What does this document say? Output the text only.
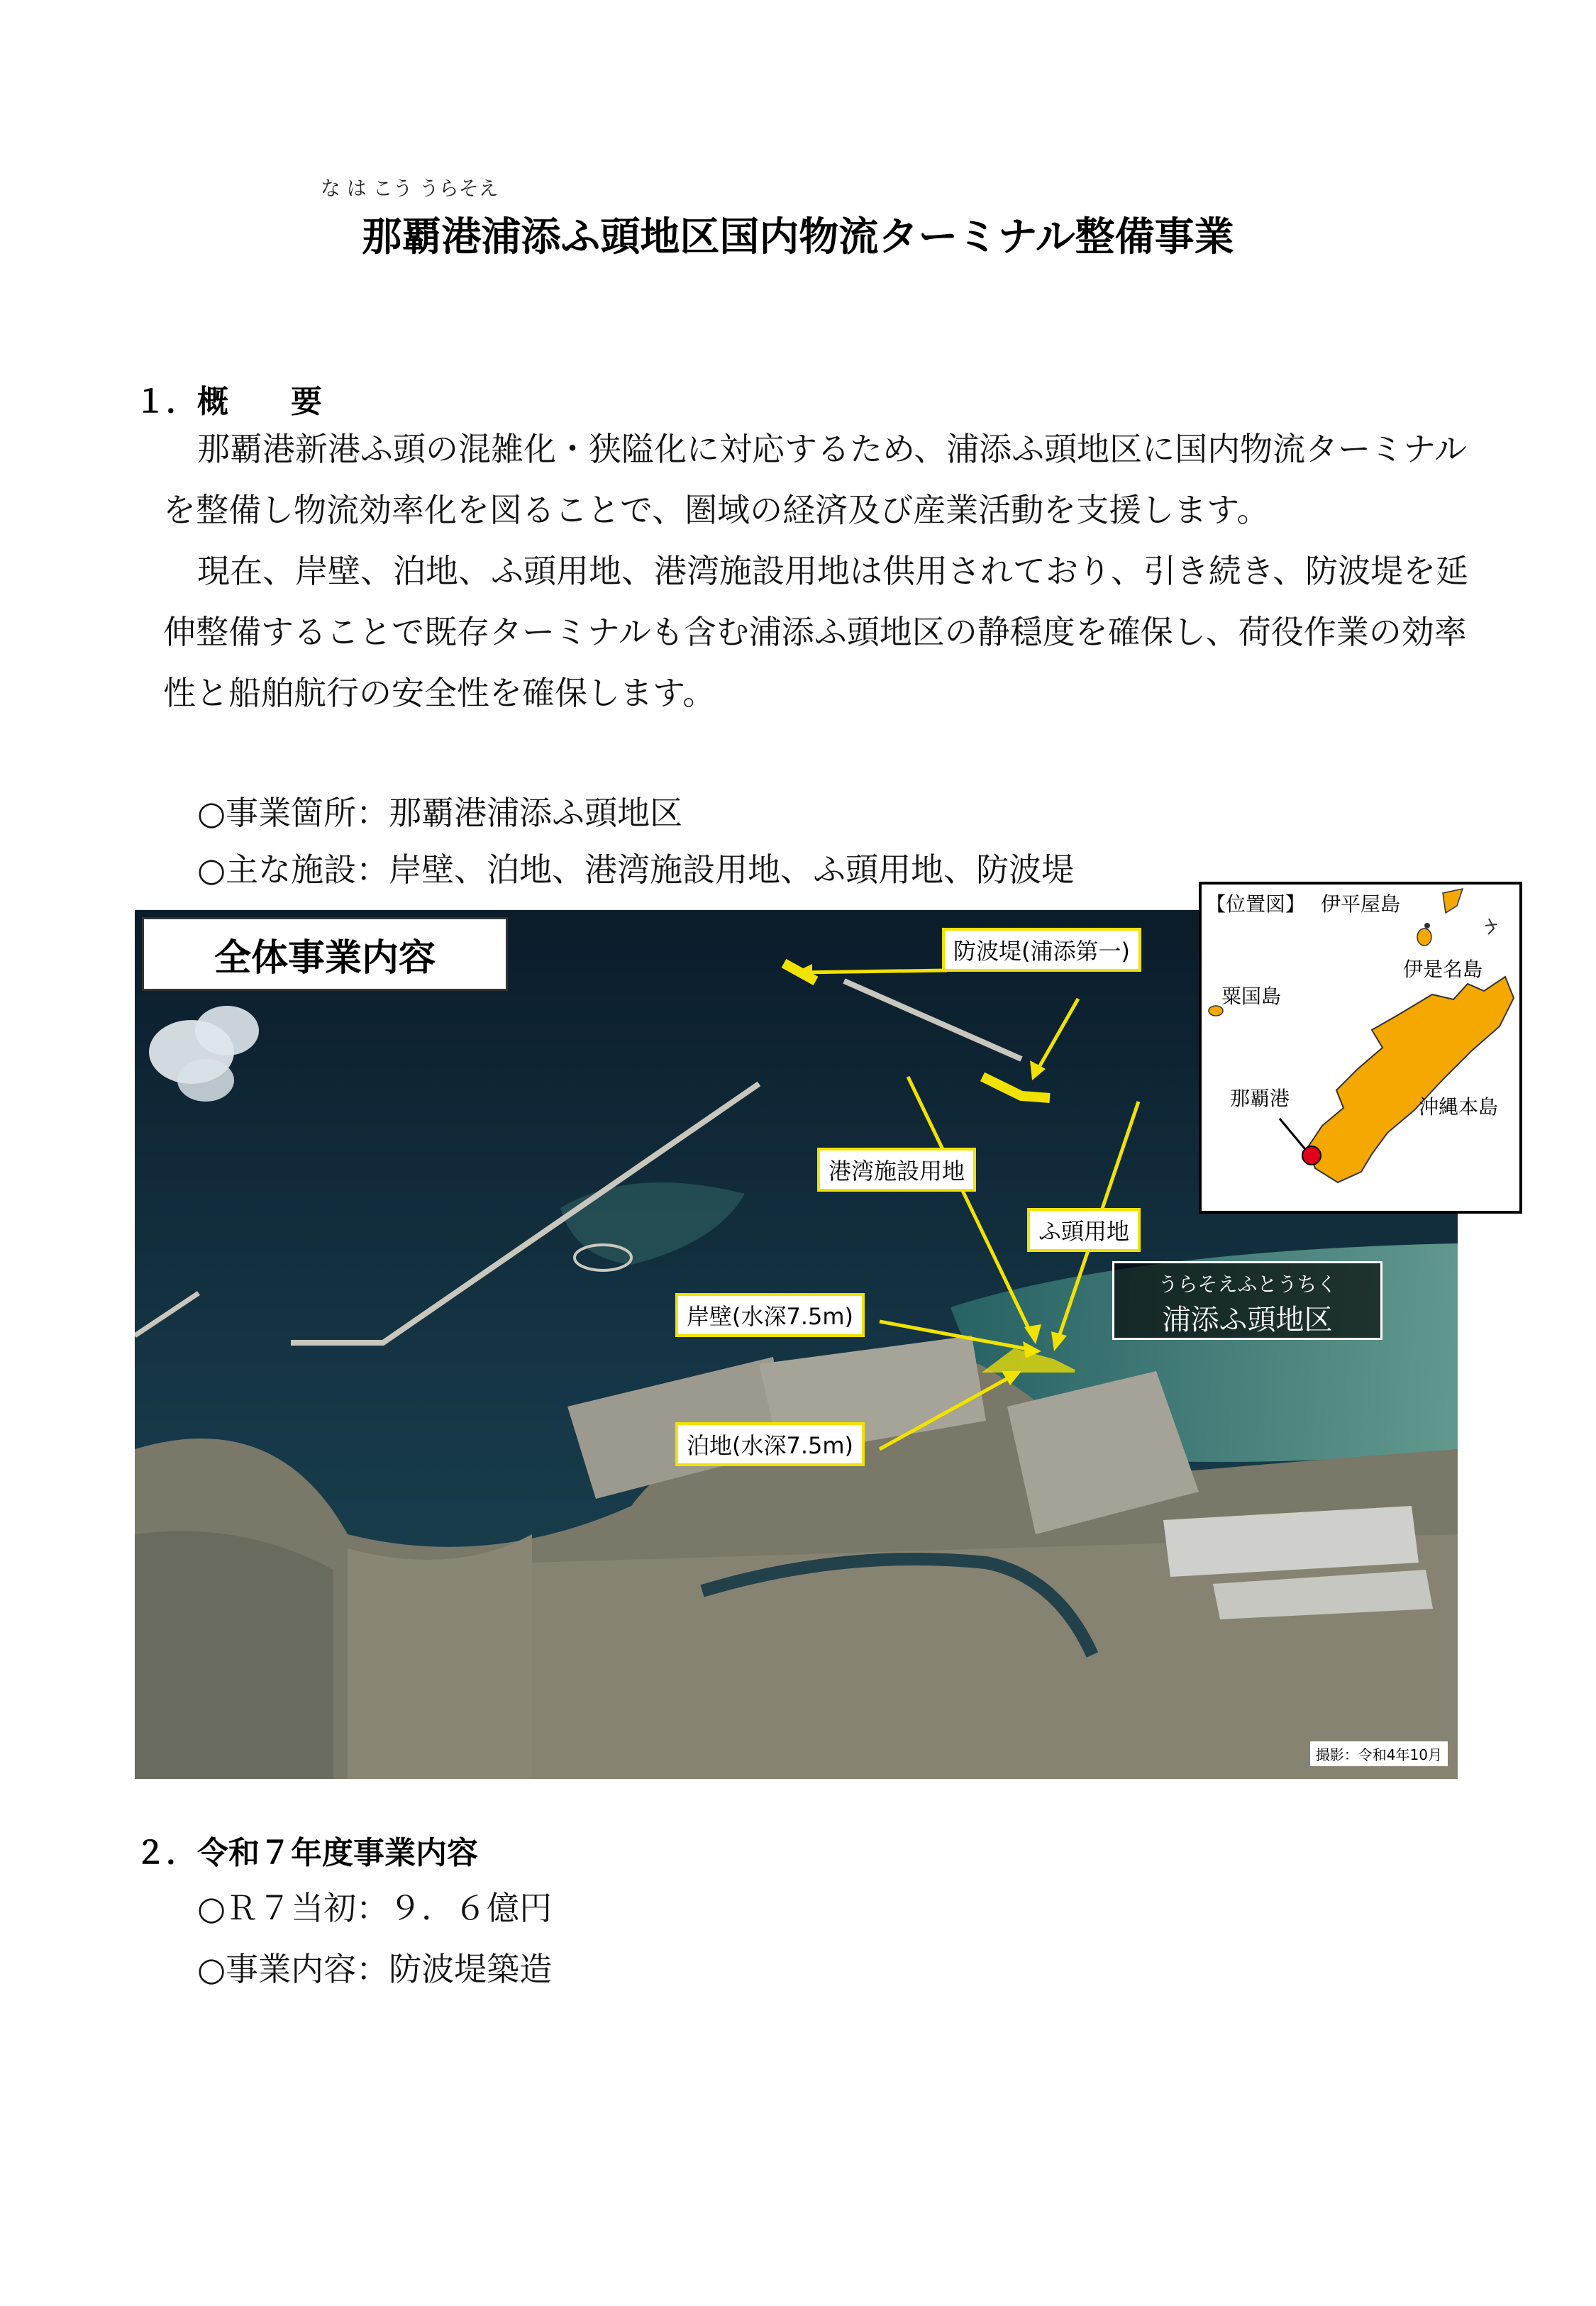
な は こう うらそえ
那覇港浦添ふ頭地区国内物流ターミナル整備事業
１．概　　要
那覇港新港ふ頭の混雑化・狭隘化に対応するため、浦添ふ頭地区に国内物流ターミナルを整備し物流効率化を図ることで、圏域の経済及び産業活動を支援します。
現在、岸壁、泊地、ふ頭用地、港湾施設用地は供用されており、引き続き、防波堤を延伸整備することで既存ターミナルも含む浦添ふ頭地区の静穏度を確保し、荷役作業の効率性と船舶航行の安全性を確保します。
○事業箇所：那覇港浦添ふ頭地区
○主な施設：岸壁、泊地、港湾施設用地、ふ頭用地、防波堤
全体事業内容	防波堤(浦添第一)
港湾施設用地
ふ頭用地
岸壁(水深7.5m)
泊地(水深7.5m)
うらそえふとうちく
浦添ふ頭地区
撮影：令和4年10月
【位置図】 伊平屋島
伊是名島
粟国島
那覇港	沖縄本島
２．令和７年度事業内容
○Ｒ７当初：９．６億円
○事業内容：防波堤築造
